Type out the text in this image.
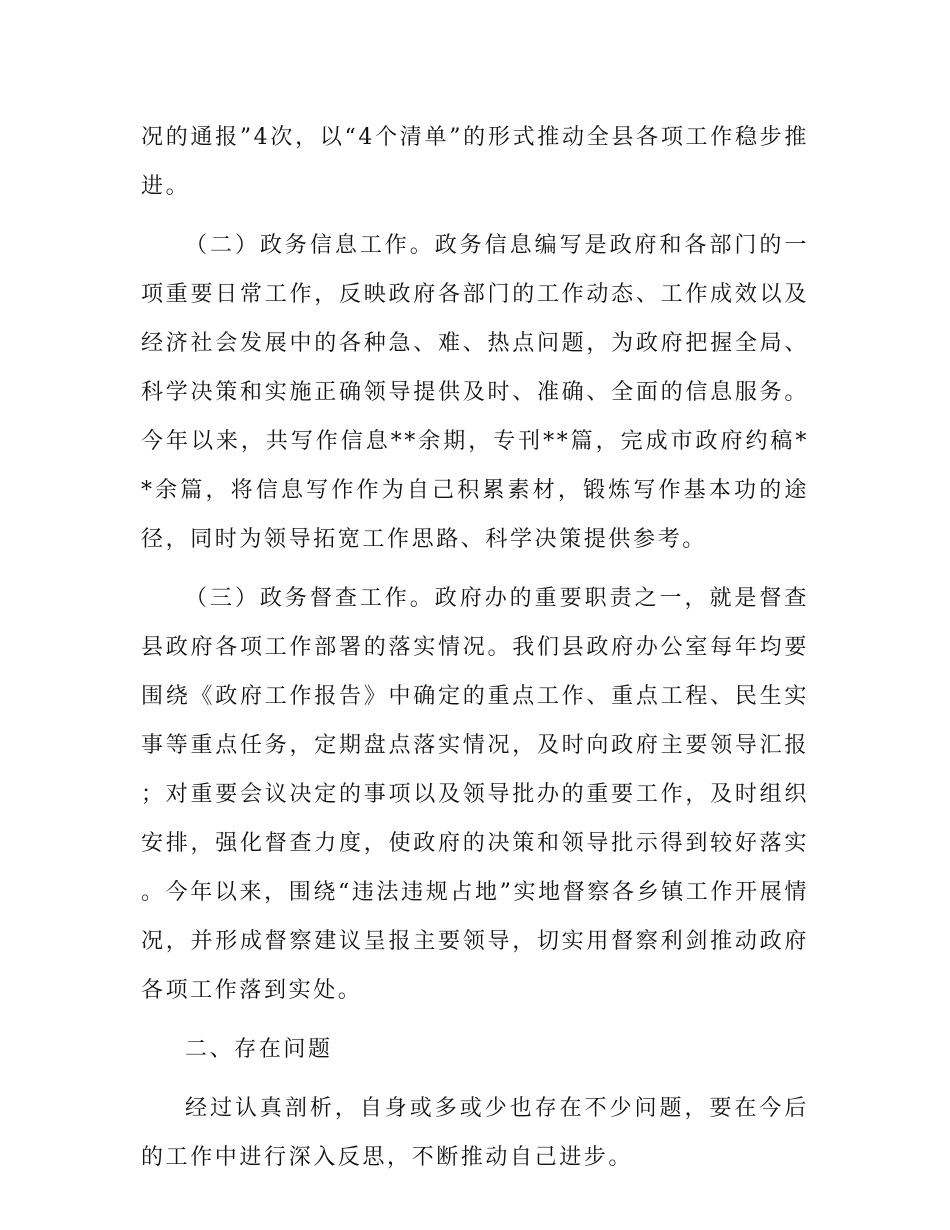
况的通报”4次，以“4个清单”的形式推动全县各项工作稳步推进。

（二）政务信息工作。政务信息编写是政府和各部门的一项重要日常工作，反映政府各部门的工作动态、工作成效以及经济社会发展中的各种急、难、热点问题，为政府把握全局、科学决策和实施正确领导提供及时、准确、全面的信息服务。今年以来，共写作信息**余期，专刊**篇，完成市政府约稿**余篇，将信息写作作为自己积累素材，锻炼写作基本功的途径，同时为领导拓宽工作思路、科学决策提供参考。

（三）政务督查工作。政府办的重要职责之一，就是督查县政府各项工作部署的落实情况。我们县政府办公室每年均要围绕《政府工作报告》中确定的重点工作、重点工程、民生实事等重点任务，定期盘点落实情况，及时向政府主要领导汇报；对重要会议决定的事项以及领导批办的重要工作，及时组织安排，强化督查力度，使政府的决策和领导批示得到较好落实。今年以来，围绕“违法违规占地”实地督察各乡镇工作开展情况，并形成督察建议呈报主要领导，切实用督察利剑推动政府各项工作落到实处。

二、存在问题

经过认真剖析，自身或多或少也存在不少问题，要在今后的工作中进行深入反思，不断推动自己进步。
